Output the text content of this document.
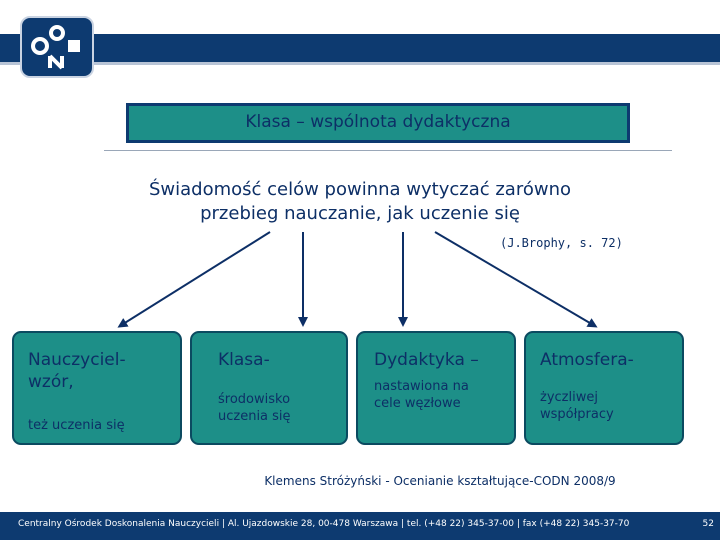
Klasa – wspólnota dydaktyczna
Świadomość celów powinna wytyczać zarówno
przebieg nauczanie, jak uczenie się
(J.Brophy, s. 72)
Nauczyciel-
wzór,
też uczenia się
Klasa-
środowisko
uczenia się
Dydaktyka –
nastawiona na
cele węzłowe
Atmosfera-
życzliwej
współpracy
Klemens Stróżyński - Ocenianie kształtujące-CODN 2008/9
Centralny Ośrodek Doskonalenia Nauczycieli | Al. Ujazdowskie 28, 00-478 Warszawa | tel. (+48 22) 345-37-00 | fax (+48 22) 345-37-70	52
